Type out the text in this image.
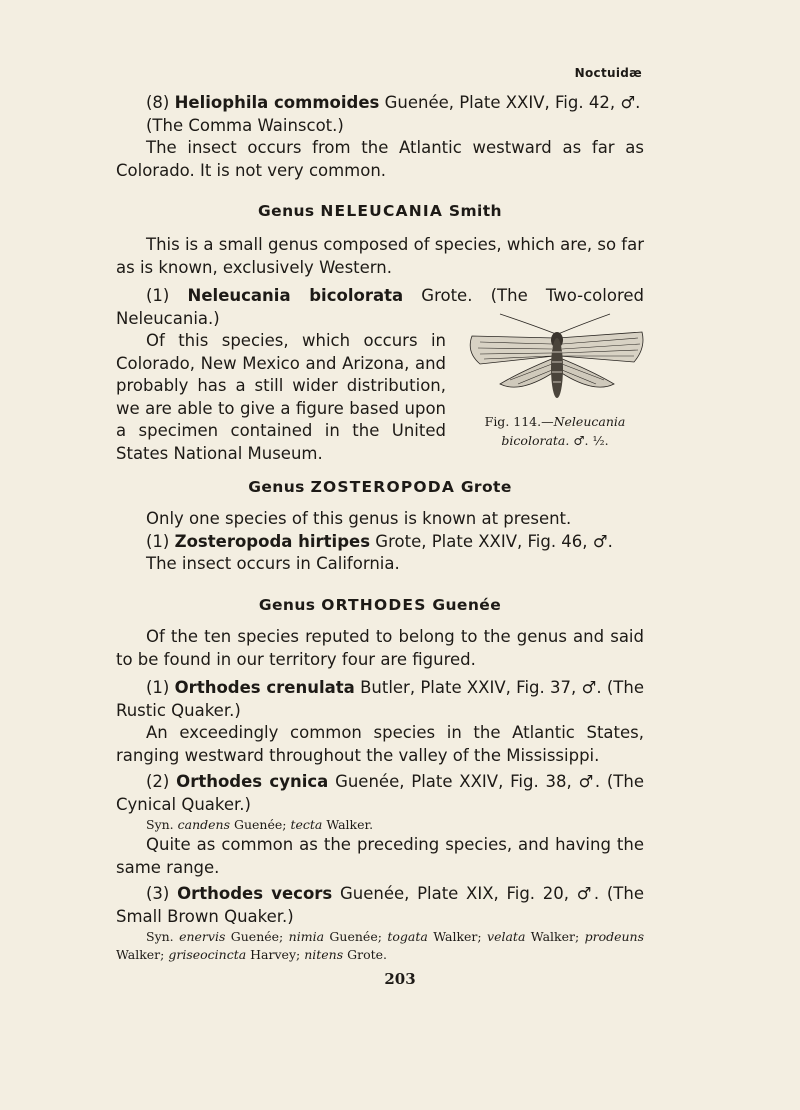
Noctuidæ

(8) Heliophila commoides Guenée, Plate XXIV, Fig. 42, ♂.

(The Comma Wainscot.)

The insect occurs from the Atlantic westward as far as Colorado. It is not very common.

Genus NELEUCANIA Smith

This is a small genus composed of species, which are, so far as is known, exclusively Western.

(1) Neleucania bicolorata Grote. (The Two-colored Neleucania.)

Of this species, which occurs in Colorado, New Mexico and Arizona, and probably has a still wider distribution, we are able to give a figure based upon a specimen contained in the United States National Museum.

Fig. 114.—Neleucania bicolorata. ♂. ½.
Genus ZOSTEROPODA Grote

Only one species of this genus is known at present.

(1) Zosteropoda hirtipes Grote, Plate XXIV, Fig. 46, ♂.

The insect occurs in California.

Genus ORTHODES Guenée

Of the ten species reputed to belong to the genus and said to be found in our territory four are figured.

(1) Orthodes crenulata Butler, Plate XXIV, Fig. 37, ♂. (The Rustic Quaker.)

An exceedingly common species in the Atlantic States, ranging westward throughout the valley of the Mississippi.

(2) Orthodes cynica Guenée, Plate XXIV, Fig. 38, ♂. (The Cynical Quaker.)

Syn. candens Guenée; tecta Walker.

Quite as common as the preceding species, and having the same range.

(3) Orthodes vecors Guenée, Plate XIX, Fig. 20, ♂. (The Small Brown Quaker.)

Syn. enervis Guenée; nimia Guenée; togata Walker; velata Walker; prodeuns Walker; griseocincta Harvey; nitens Grote.

203
